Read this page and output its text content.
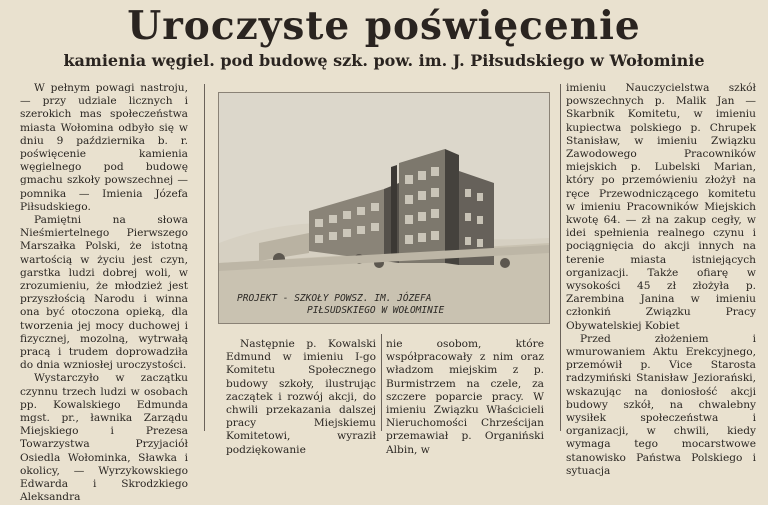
Uroczyste poświęcenie
kamienia węgiel. pod budowę szk. pow. im. J. Piłsudskiego w Wołominie

W pełnym powagi nastroju,— przy udziale licznych i szerokich mas społeczeństwa miasta Wołomina odbyło się w dniu 9 października b. r. poświęcenie kamienia węgielnego pod budowę gmachu szkoły powszechnej — pomnika — Imienia Józefa Piłsudskiego.

Pamiętni na słowa Nieśmiertelnego Pierwszego Marszałka Polski, że istotną wartością w życiu jest czyn, garstka ludzi dobrej woli, w zrozumieniu, że młodzież jest przyszłością Narodu i winna ona być otoczona opieką, dla tworzenia jej mocy duchowej i fizycznej, mozolną, wytrwałą pracą i trudem doprowadziła do dnia wzniosłej uroczystości.

Wystarczyło w zaczątku czynnu trzech ludzi w osobach pp. Kowalskiego Edmunda mgst. pr., ławnika Zarządu Miejskiego i Prezesa Towarzystwa Przyjaciół Osiedla Wołominka, Sławka i okolicy, — Wyrzykowskiego Edwarda i Skrodzkiego Aleksandra

PROJEKT - SZKOŁY POWSZ. IM. JÓZEFA
PIŁSUDSKIEGO W WOŁOMINIE

Następnie p. Kowalski Edmund w imieniu I-go Komitetu Społecznego budowy szkoły, ilustrując zaczątek i rozwój akcji, do chwili przekazania dalszej pracy Miejskiemu Komitetowi, wyraził podziękowanie

nie osobom, które współpracowały z nim oraz władzom miejskim z p. Burmistrzem na czele, za szczere poparcie pracy. W imieniu Związku Właścicieli Nieruchomości Chrześcijan przemawiał p. Organiński Albin, w

imieniu Nauczycielstwa szkół powszechnych p. Malik Jan — Skarbnik Komitetu, w imieniu kupiectwa polskiego p. Chrupek Stanisław, w imieniu Związku Zawodowego Pracowników miejskich p. Lubelski Marian, który po przemówieniu złożył na ręce Przewodniczącego komitetu w imieniu Pracowników Miejskich kwotę 64. — zł na zakup cegły, w idei spełnienia realnego czynu i pociągnięcia do akcji innych na terenie miasta istniejących organizacji. Także ofiarę w wysokości 45 zł złożyła p. Zarembina Janina w imieniu członkiń Związku Pracy Obywatelskiej Kobiet

Przed złożeniem i wmurowaniem Aktu Erekcyjnego, przemówił p. Vice Starosta radzymiński Stanisław Jeziorański, wskazując na doniosłość akcji budowy szkół, na chwalebny wysiłek społeczeństwa i organizacji, w chwili, kiedy wymaga tego mocarstwowe stanowisko Państwa Polskiego i sytuacja
